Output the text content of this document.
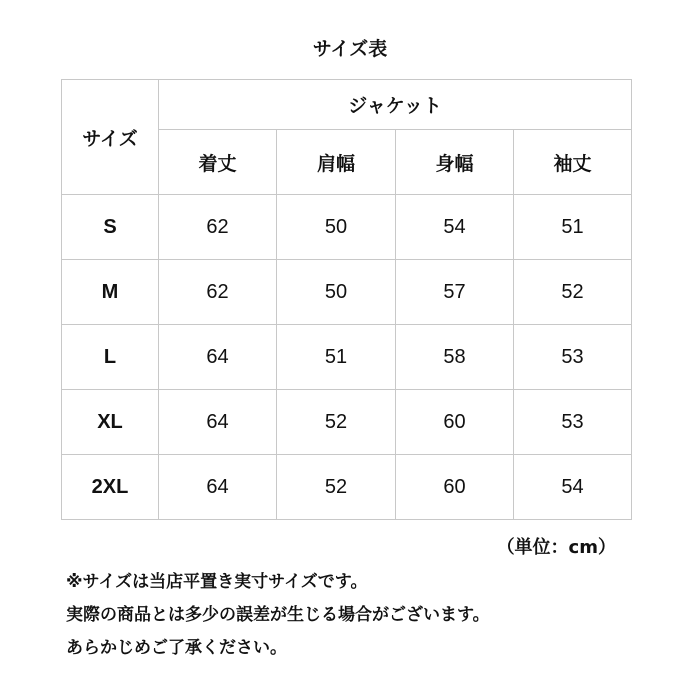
サイズ表
サイズ	ジャケット			
	着丈	肩幅	身幅	袖丈
S	62	50	54	51
M	62	50	57	52
L	64	51	58	53
XL	64	52	60	53
2XL	64	52	60	54
（単位：cm）
※サイズは当店平置き実寸サイズです。
実際の商品とは多少の誤差が生じる場合がございます。
あらかじめご了承ください。
